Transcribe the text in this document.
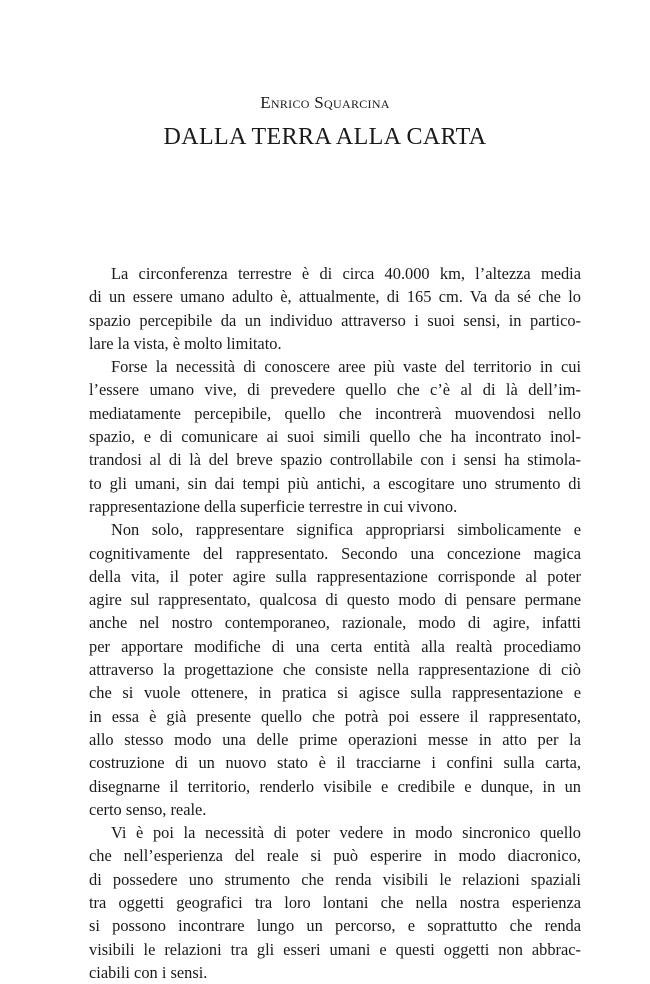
Enrico Squarcina
DALLA TERRA ALLA CARTA
La circonferenza terrestre è di circa 40.000 km, l’altezza media
di un essere umano adulto è, attualmente, di 165 cm. Va da sé che lo
spazio percepibile da un individuo attraverso i suoi sensi, in partico-
lare la vista, è molto limitato.
Forse la necessità di conoscere aree più vaste del territorio in cui
l’essere umano vive, di prevedere quello che c’è al di là dell’im-
mediatamente percepibile, quello che incontrerà muovendosi nello
spazio, e di comunicare ai suoi simili quello che ha incontrato inol-
trandosi al di là del breve spazio controllabile con i sensi ha stimola-
to gli umani, sin dai tempi più antichi, a escogitare uno strumento di
rappresentazione della superficie terrestre in cui vivono.
Non solo, rappresentare significa appropriarsi simbolicamente e
cognitivamente del rappresentato. Secondo una concezione magica
della vita, il poter agire sulla rappresentazione corrisponde al poter
agire sul rappresentato, qualcosa di questo modo di pensare permane
anche nel nostro contemporaneo, razionale, modo di agire, infatti
per apportare modifiche di una certa entità alla realtà procediamo
attraverso la progettazione che consiste nella rappresentazione di ciò
che si vuole ottenere, in pratica si agisce sulla rappresentazione e
in essa è già presente quello che potrà poi essere il rappresentato,
allo stesso modo una delle prime operazioni messe in atto per la
costruzione di un nuovo stato è il tracciarne i confini sulla carta,
disegnarne il territorio, renderlo visibile e credibile e dunque, in un
certo senso, reale.
Vi è poi la necessità di poter vedere in modo sincronico quello
che nell’esperienza del reale si può esperire in modo diacronico,
di possedere uno strumento che renda visibili le relazioni spaziali
tra oggetti geografici tra loro lontani che nella nostra esperienza
si possono incontrare lungo un percorso, e soprattutto che renda
visibili le relazioni tra gli esseri umani e questi oggetti non abbrac-
ciabili con i sensi.
